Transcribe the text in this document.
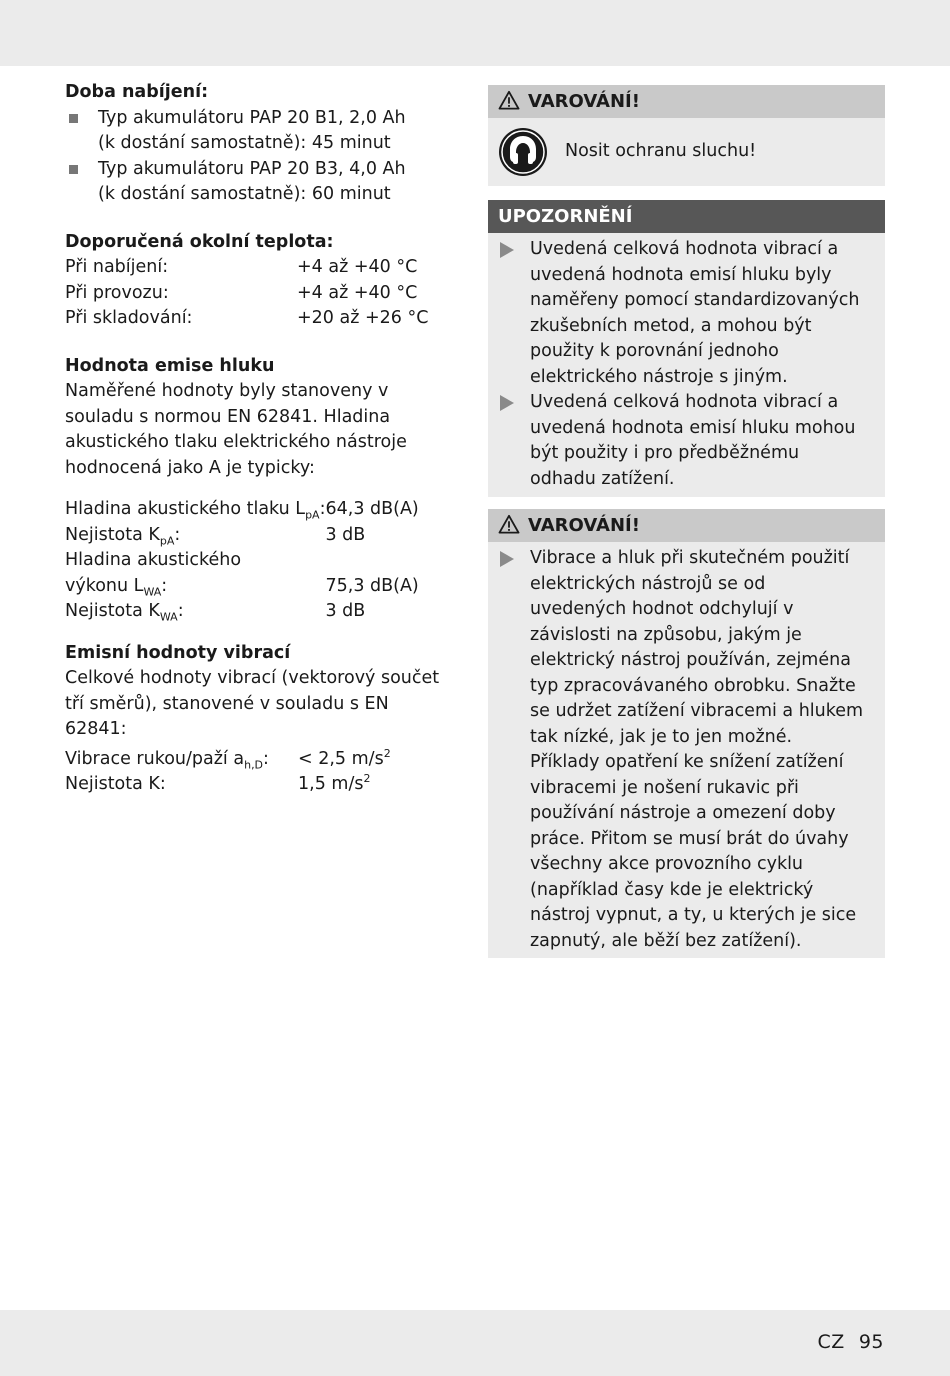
Doba nabíjení:

Typ akumulátoru PAP 20 B1, 2,0 Ah
(k dostání samostatně): 45 minut
Typ akumulátoru PAP 20 B3, 4,0 Ah
(k dostání samostatně): 60 minut

Doporučená okolní teplota:

Při nabíjení:	+4 až +40 °C
Při provozu:	+4 až +40 °C
Při skladování:	+20 až +26 °C

Hodnota emise hluku

Naměřené hodnoty byly stanoveny v souladu s normou EN 62841. Hladina akustického tlaku elektrického nástroje hodnocená jako A je typicky:

Hladina akustického tlaku $L_{pA}$:	64,3 dB(A)
Nejistota $K_{pA}$:	3 dB
Hladina akustického	
výkonu $L_{WA}$:	75,3 dB(A)
Nejistota $K_{WA}$:	3 dB

Emisní hodnoty vibrací

Celkové hodnoty vibrací (vektorový součet tří směrů), stanovené v souladu s EN 62841:

Vibrace rukou/paží $a_{h,D}$:	< 2,5 $m/s^2$
Nejistota K:	1,5 $m/s^2$
VAROVÁNÍ!
Nosit ochranu sluchu!
UPOZORNĚNÍ
Uvedená celková hodnota vibrací a uvedená hodnota emisí hluku byly naměřeny pomocí standardizovaných zkušebních metod, a mohou být použity k porovnání jednoho elektrického nástroje s jiným.
Uvedená celková hodnota vibrací a uvedená hodnota emisí hluku mohou být použity i pro předběžnému odhadu zatížení.
VAROVÁNÍ!
Vibrace a hluk při skutečném použití elektrických nástrojů se od uvedených hodnot odchylují v závislosti na způsobu, jakým je elektrický nástroj používán, zejména typ zpracovávaného obrobku. Snažte se udržet zatížení vibracemi a hlukem tak nízké, jak je to jen možné. Příklady opatření ke snížení zatížení vibracemi je nošení rukavic při používání nástroje a omezení doby práce. Přitom se musí brát do úvahy všechny akce provozního cyklu (například časy kde je elektrický nástroj vypnut, a ty, u kterých je sice zapnutý, ale běží bez zatížení).
CZ 95
